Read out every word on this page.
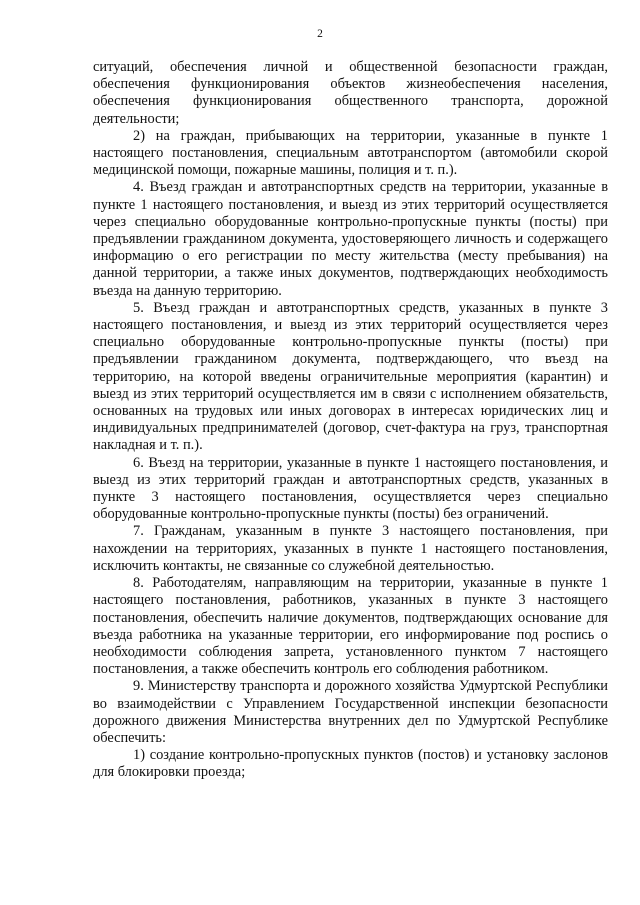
2

ситуаций, обеспечения личной и общественной безопасности граждан, обеспечения функционирования объектов жизнеобеспечения населения, обеспечения функционирования общественного транспорта, дорожной деятельности;

2) на граждан, прибывающих на территории, указанные в пункте 1 настоящего постановления, специальным автотранспортом (автомобили скорой медицинской помощи, пожарные машины, полиция и т. п.).

4. Въезд граждан и автотранспортных средств на территории, указанные в пункте 1 настоящего постановления, и выезд из этих территорий осуществляется через специально оборудованные контрольно-пропускные пункты (посты) при предъявлении гражданином документа, удостоверяющего личность и содержащего информацию о его регистрации по месту жительства (месту пребывания) на данной территории, а также иных документов, подтверждающих необходимость въезда на данную территорию.

5. Въезд граждан и автотранспортных средств, указанных в пункте 3 настоящего постановления, и выезд из этих территорий осуществляется через специально оборудованные контрольно-пропускные пункты (посты) при предъявлении гражданином документа, подтверждающего, что въезд на территорию, на которой введены ограничительные мероприятия (карантин) и выезд из этих территорий осуществляется им в связи с исполнением обязательств, основанных на трудовых или иных договорах в интересах юридических лиц и индивидуальных предпринимателей (договор, счет-фактура на груз, транспортная накладная и т. п.).

6. Въезд на территории, указанные в пункте 1 настоящего постановления, и выезд из этих территорий граждан и автотранспортных средств, указанных в пункте 3 настоящего постановления, осуществляется через специально оборудованные контрольно-пропускные пункты (посты) без ограничений.

7. Гражданам, указанным в пункте 3 настоящего постановления, при нахождении на территориях, указанных в пункте 1 настоящего постановления, исключить контакты, не связанные со служебной деятельностью.

8. Работодателям, направляющим на территории, указанные в пункте 1 настоящего постановления, работников, указанных в пункте 3 настоящего постановления, обеспечить наличие документов, подтверждающих основание для въезда работника на указанные территории, его информирование под роспись о необходимости соблюдения запрета, установленного пунктом 7 настоящего постановления, а также обеспечить контроль его соблюдения работником.

9. Министерству транспорта и дорожного хозяйства Удмуртской Республики во взаимодействии с Управлением Государственной инспекции безопасности дорожного движения Министерства внутренних дел по Удмуртской Республике обеспечить:

1) создание контрольно-пропускных пунктов (постов) и установку заслонов для блокировки проезда;
